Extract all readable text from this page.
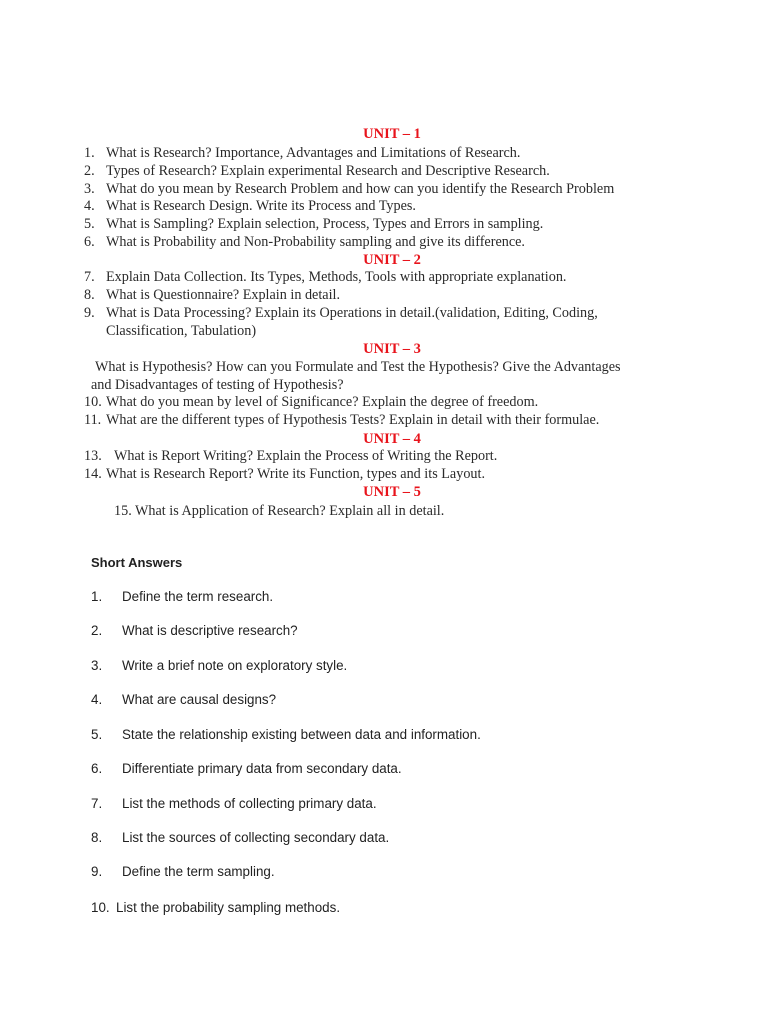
UNIT – 1
1. What is Research? Importance, Advantages and Limitations of Research.
2. Types of Research? Explain experimental Research and Descriptive Research.
3. What do you mean by Research Problem and how can you identify the Research Problem
4. What is Research Design. Write its Process and Types.
5. What is Sampling? Explain selection, Process, Types and Errors in sampling.
6. What is Probability and Non-Probability sampling and give its difference.
UNIT – 2
7. Explain Data Collection. Its Types, Methods, Tools with appropriate explanation.
8. What is Questionnaire? Explain in detail.
9. What is Data Processing? Explain its Operations in detail.(validation, Editing, Coding, Classification, Tabulation)
UNIT – 3
What is Hypothesis? How can you Formulate and Test the Hypothesis? Give the Advantages
and Disadvantages of testing of Hypothesis?
10. What do you mean by level of Significance? Explain the degree of freedom.
11. What are the different types of Hypothesis Tests? Explain in detail with their formulae.
UNIT – 4
13. What is Report Writing? Explain the Process of Writing the Report.
14. What is Research Report? Write its Function, types and its Layout.
UNIT – 5
15. What is Application of Research? Explain all in detail.
Short Answers
1. Define the term research.
2. What is descriptive research?
3. Write a brief note on exploratory style.
4. What are causal designs?
5. State the relationship existing between data and information.
6. Differentiate primary data from secondary data.
7. List the methods of collecting primary data.
8. List the sources of collecting secondary data.
9. Define the term sampling.
10. List the probability sampling methods.
